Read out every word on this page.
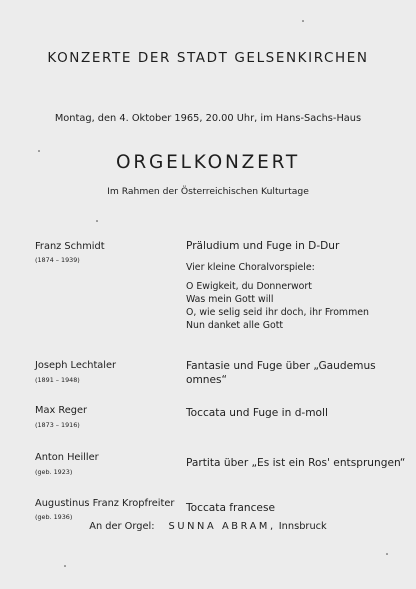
KONZERTE DER STADT GELSENKIRCHEN
Montag, den 4. Oktober 1965, 20.00 Uhr, im Hans-Sachs-Haus
ORGELKONZERT
Im Rahmen der Österreichischen Kulturtage
Franz Schmidt
(1874 – 1939)
Präludium und Fuge in D-Dur
Vier kleine Choralvorspiele:
O Ewigkeit, du Donnerwort
Was mein Gott will
O, wie selig seid ihr doch, ihr Frommen
Nun danket alle Gott
Joseph Lechtaler
(1891 – 1948)
Fantasie und Fuge über „Gaudemus
omnes“
Max Reger
(1873 – 1916)
Toccata und Fuge in d-moll
Anton Heiller
(geb. 1923)
Partita über „Es ist ein Ros' entsprungen“
Augustinus Franz Kropfreiter
(geb. 1936)
Toccata francese
An der Orgel: SUNNA ABRAM, Innsbruck
